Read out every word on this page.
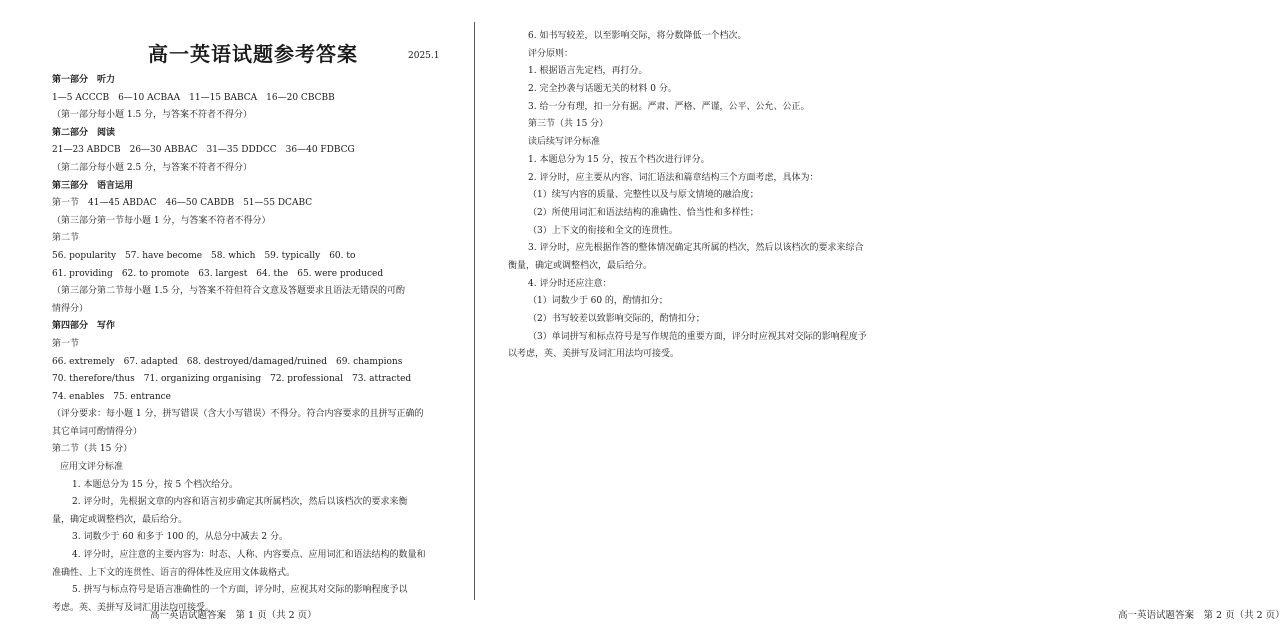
高一英语试题参考答案	2025.1
第一部分　听力
1—5 ACCCB　6—10 ACBAA　11—15 BABCA　16—20 CBCBB
（第一部分每小题 1.5 分，与答案不符者不得分）
第二部分　阅读
21—23 ABDCB　26—30 ABBAC　31—35 DDDCC　36—40 FDBCG
（第二部分每小题 2.5 分，与答案不符者不得分）
第三部分　语言运用
第一节　41—45 ABDAC　46—50 CABDB　51—55 DCABC
（第三部分第一节每小题 1 分，与答案不符者不得分）
第二节
56. popularity　57. have become　58. which　59. typically　60. to
61. providing　62. to promote　63. largest　64. the　65. were produced
（第三部分第二节每小题 1.5 分，与答案不符但符合文意及答题要求且语法无错误的可酌
情得分）
第四部分　写作
第一节
66. extremely　67. adapted　68. destroyed/damaged/ruined　69. champions
70. therefore/thus　71. organizing organising　72. professional　73. attracted
74. enables　75. entrance
（评分要求：每小题 1 分，拼写错误（含大小写错误）不得分。符合内容要求的且拼写正确的
其它单词可酌情得分）
第二节（共 15 分）
应用文评分标准
1. 本题总分为 15 分，按 5 个档次给分。
2. 评分时，先根据文章的内容和语言初步确定其所属档次，然后以该档次的要求来衡
量，确定或调整档次，最后给分。
3. 词数少于 60 和多于 100 的，从总分中减去 2 分。
4. 评分时，应注意的主要内容为：时态、人称、内容要点、应用词汇和语法结构的数量和
准确性、上下文的连贯性、语言的得体性及应用文体裁格式。
5. 拼写与标点符号是语言准确性的一个方面，评分时，应视其对交际的影响程度予以
考虑。英、美拼写及词汇用法均可接受。
高一英语试题答案　第 1 页（共 2 页）
6. 如书写较差，以至影响交际，将分数降低一个档次。
评分原则：
1. 根据语言先定档，再打分。
2. 完全抄袭与话题无关的材料 0 分。
3. 给一分有理，扣一分有据。严肃、严格、严谨，公平、公允、公正。
第三节（共 15 分）
读后续写评分标准
1. 本题总分为 15 分，按五个档次进行评分。
2. 评分时，应主要从内容、词汇语法和篇章结构三个方面考虑，具体为：
（1）续写内容的质量、完整性以及与原文情境的融洽度；
（2）所使用词汇和语法结构的准确性、恰当性和多样性；
（3）上下文的衔接和全文的连贯性。
3. 评分时，应先根据作答的整体情况确定其所属的档次，然后以该档次的要求来综合
衡量，确定或调整档次，最后给分。
4. 评分时还应注意：
（1）词数少于 60 的，酌情扣分；
（2）书写较差以致影响交际的，酌情扣分；
（3）单词拼写和标点符号是写作规范的重要方面，评分时应视其对交际的影响程度予
以考虑，英、美拼写及词汇用法均可接受。
高一英语试题答案　第 2 页（共 2 页）
